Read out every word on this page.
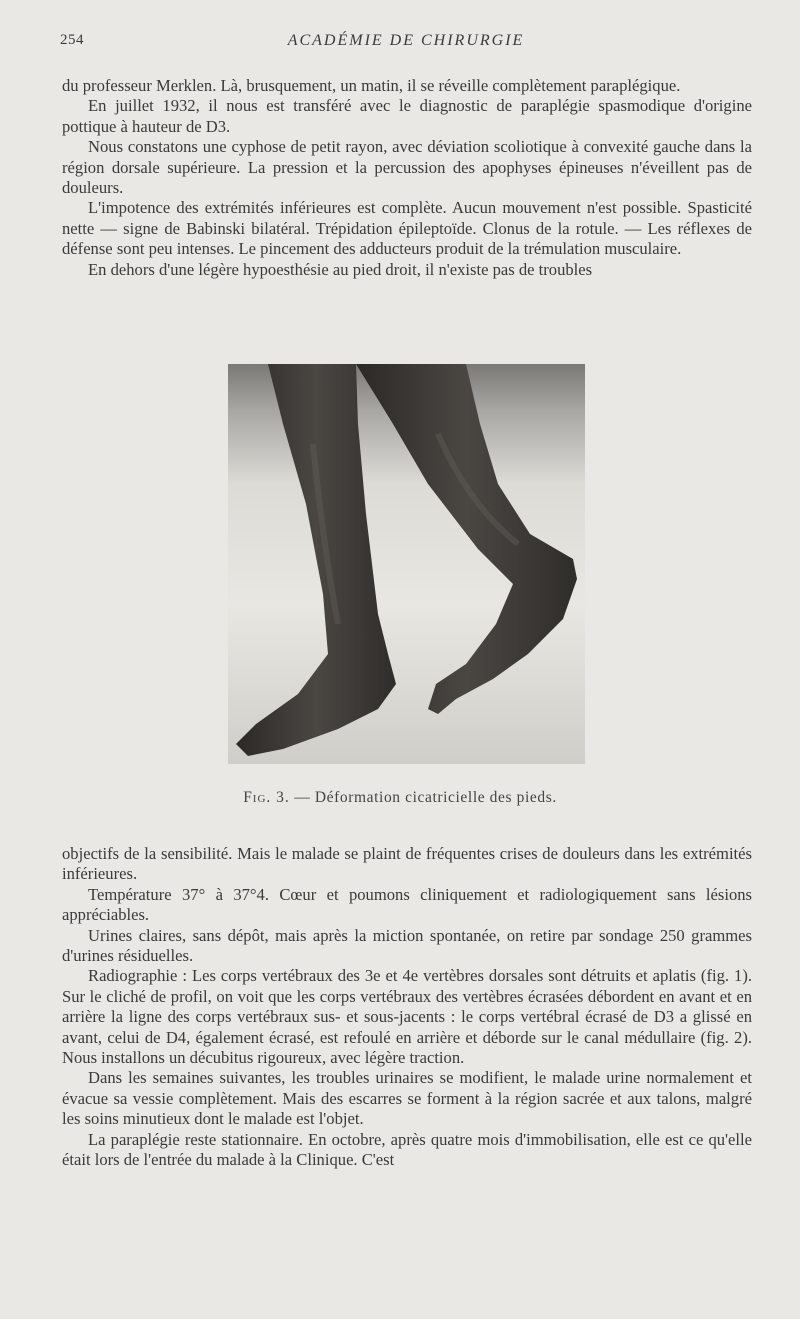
254	ACADÉMIE DE CHIRURGIE

du professeur Merklen. Là, brusquement, un matin, il se réveille complètement paraplégique.

En juillet 1932, il nous est transféré avec le diagnostic de paraplégie spasmodique d'origine pottique à hauteur de D3.

Nous constatons une cyphose de petit rayon, avec déviation scoliotique à convexité gauche dans la région dorsale supérieure. La pression et la percussion des apophyses épineuses n'éveillent pas de douleurs.

L'impotence des extrémités inférieures est complète. Aucun mouvement n'est possible. Spasticité nette — signe de Babinski bilatéral. Trépidation épileptoïde. Clonus de la rotule. — Les réflexes de défense sont peu intenses. Le pincement des adducteurs produit de la trémulation musculaire.

En dehors d'une légère hypoesthésie au pied droit, il n'existe pas de troubles

Fig. 3. — Déformation cicatricielle des pieds.

objectifs de la sensibilité. Mais le malade se plaint de fréquentes crises de douleurs dans les extrémités inférieures.

Température 37° à 37°4. Cœur et poumons cliniquement et radiologiquement sans lésions appréciables.

Urines claires, sans dépôt, mais après la miction spontanée, on retire par sondage 250 grammes d'urines résiduelles.

Radiographie : Les corps vertébraux des 3e et 4e vertèbres dorsales sont détruits et aplatis (fig. 1). Sur le cliché de profil, on voit que les corps vertébraux des vertèbres écrasées débordent en avant et en arrière la ligne des corps vertébraux sus- et sous-jacents : le corps vertébral écrasé de D3 a glissé en avant, celui de D4, également écrasé, est refoulé en arrière et déborde sur le canal médullaire (fig. 2). Nous installons un décubitus rigoureux, avec légère traction.

Dans les semaines suivantes, les troubles urinaires se modifient, le malade urine normalement et évacue sa vessie complètement. Mais des escarres se forment à la région sacrée et aux talons, malgré les soins minutieux dont le malade est l'objet.

La paraplégie reste stationnaire. En octobre, après quatre mois d'immobilisation, elle est ce qu'elle était lors de l'entrée du malade à la Clinique. C'est
